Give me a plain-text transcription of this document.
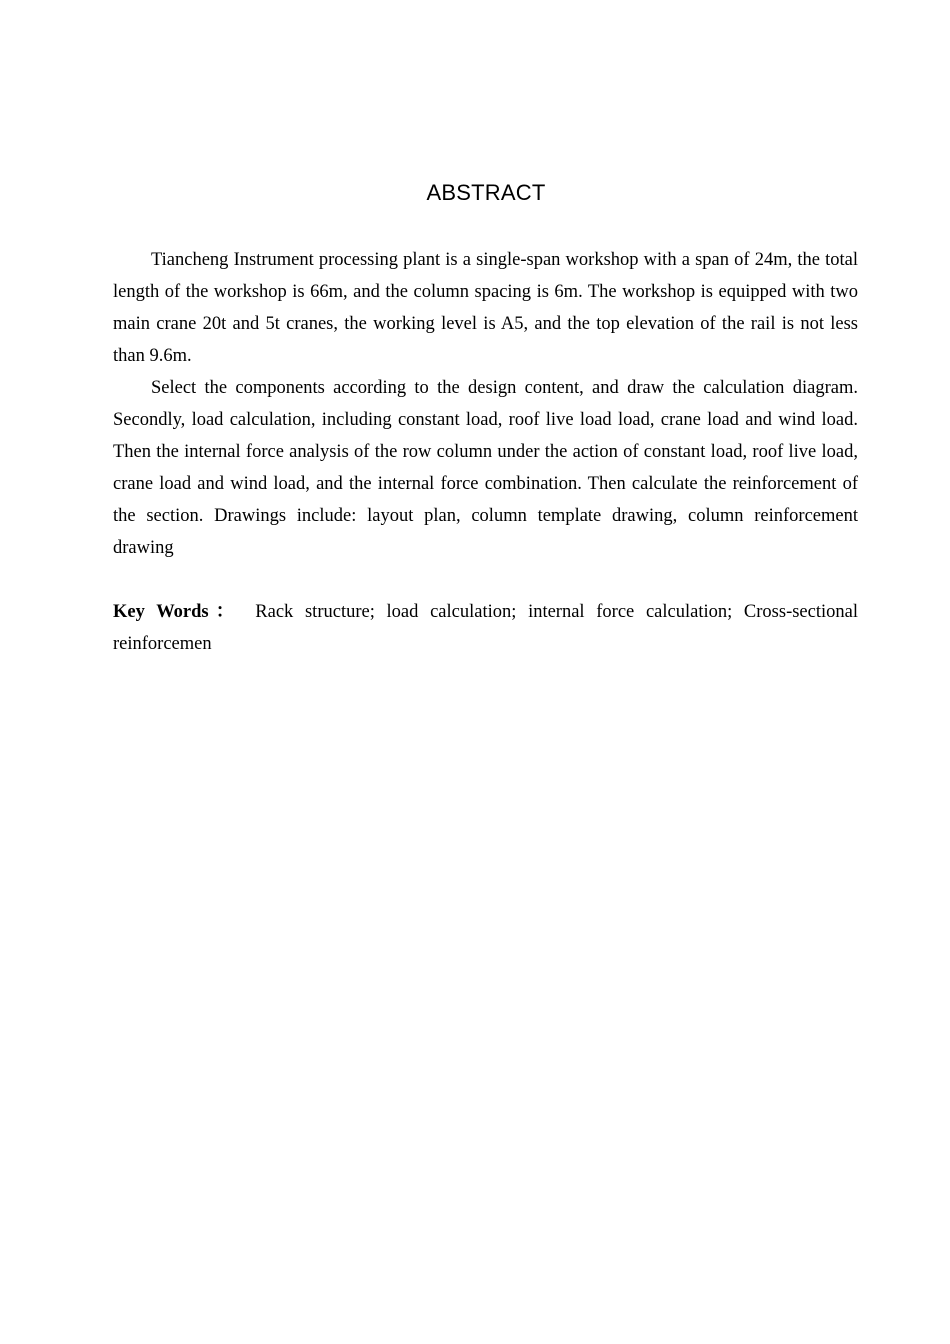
ABSTRACT

Tiancheng Instrument processing plant is a single-span workshop with a span of 24m, the total length of the workshop is 66m, and the column spacing is 6m. The workshop is equipped with two main crane 20t and 5t cranes, the working level is A5, and the top elevation of the rail is not less than 9.6m.

Select the components according to the design content, and draw the calculation diagram. Secondly, load calculation, including constant load, roof live load load, crane load and wind load. Then the internal force analysis of the row column under the action of constant load, roof live load, crane load and wind load, and the internal force combination. Then calculate the reinforcement of the section. Drawings include: layout plan, column template drawing, column reinforcement drawing

Key Words： Rack structure; load calculation; internal force calculation; Cross-sectional reinforcemen
